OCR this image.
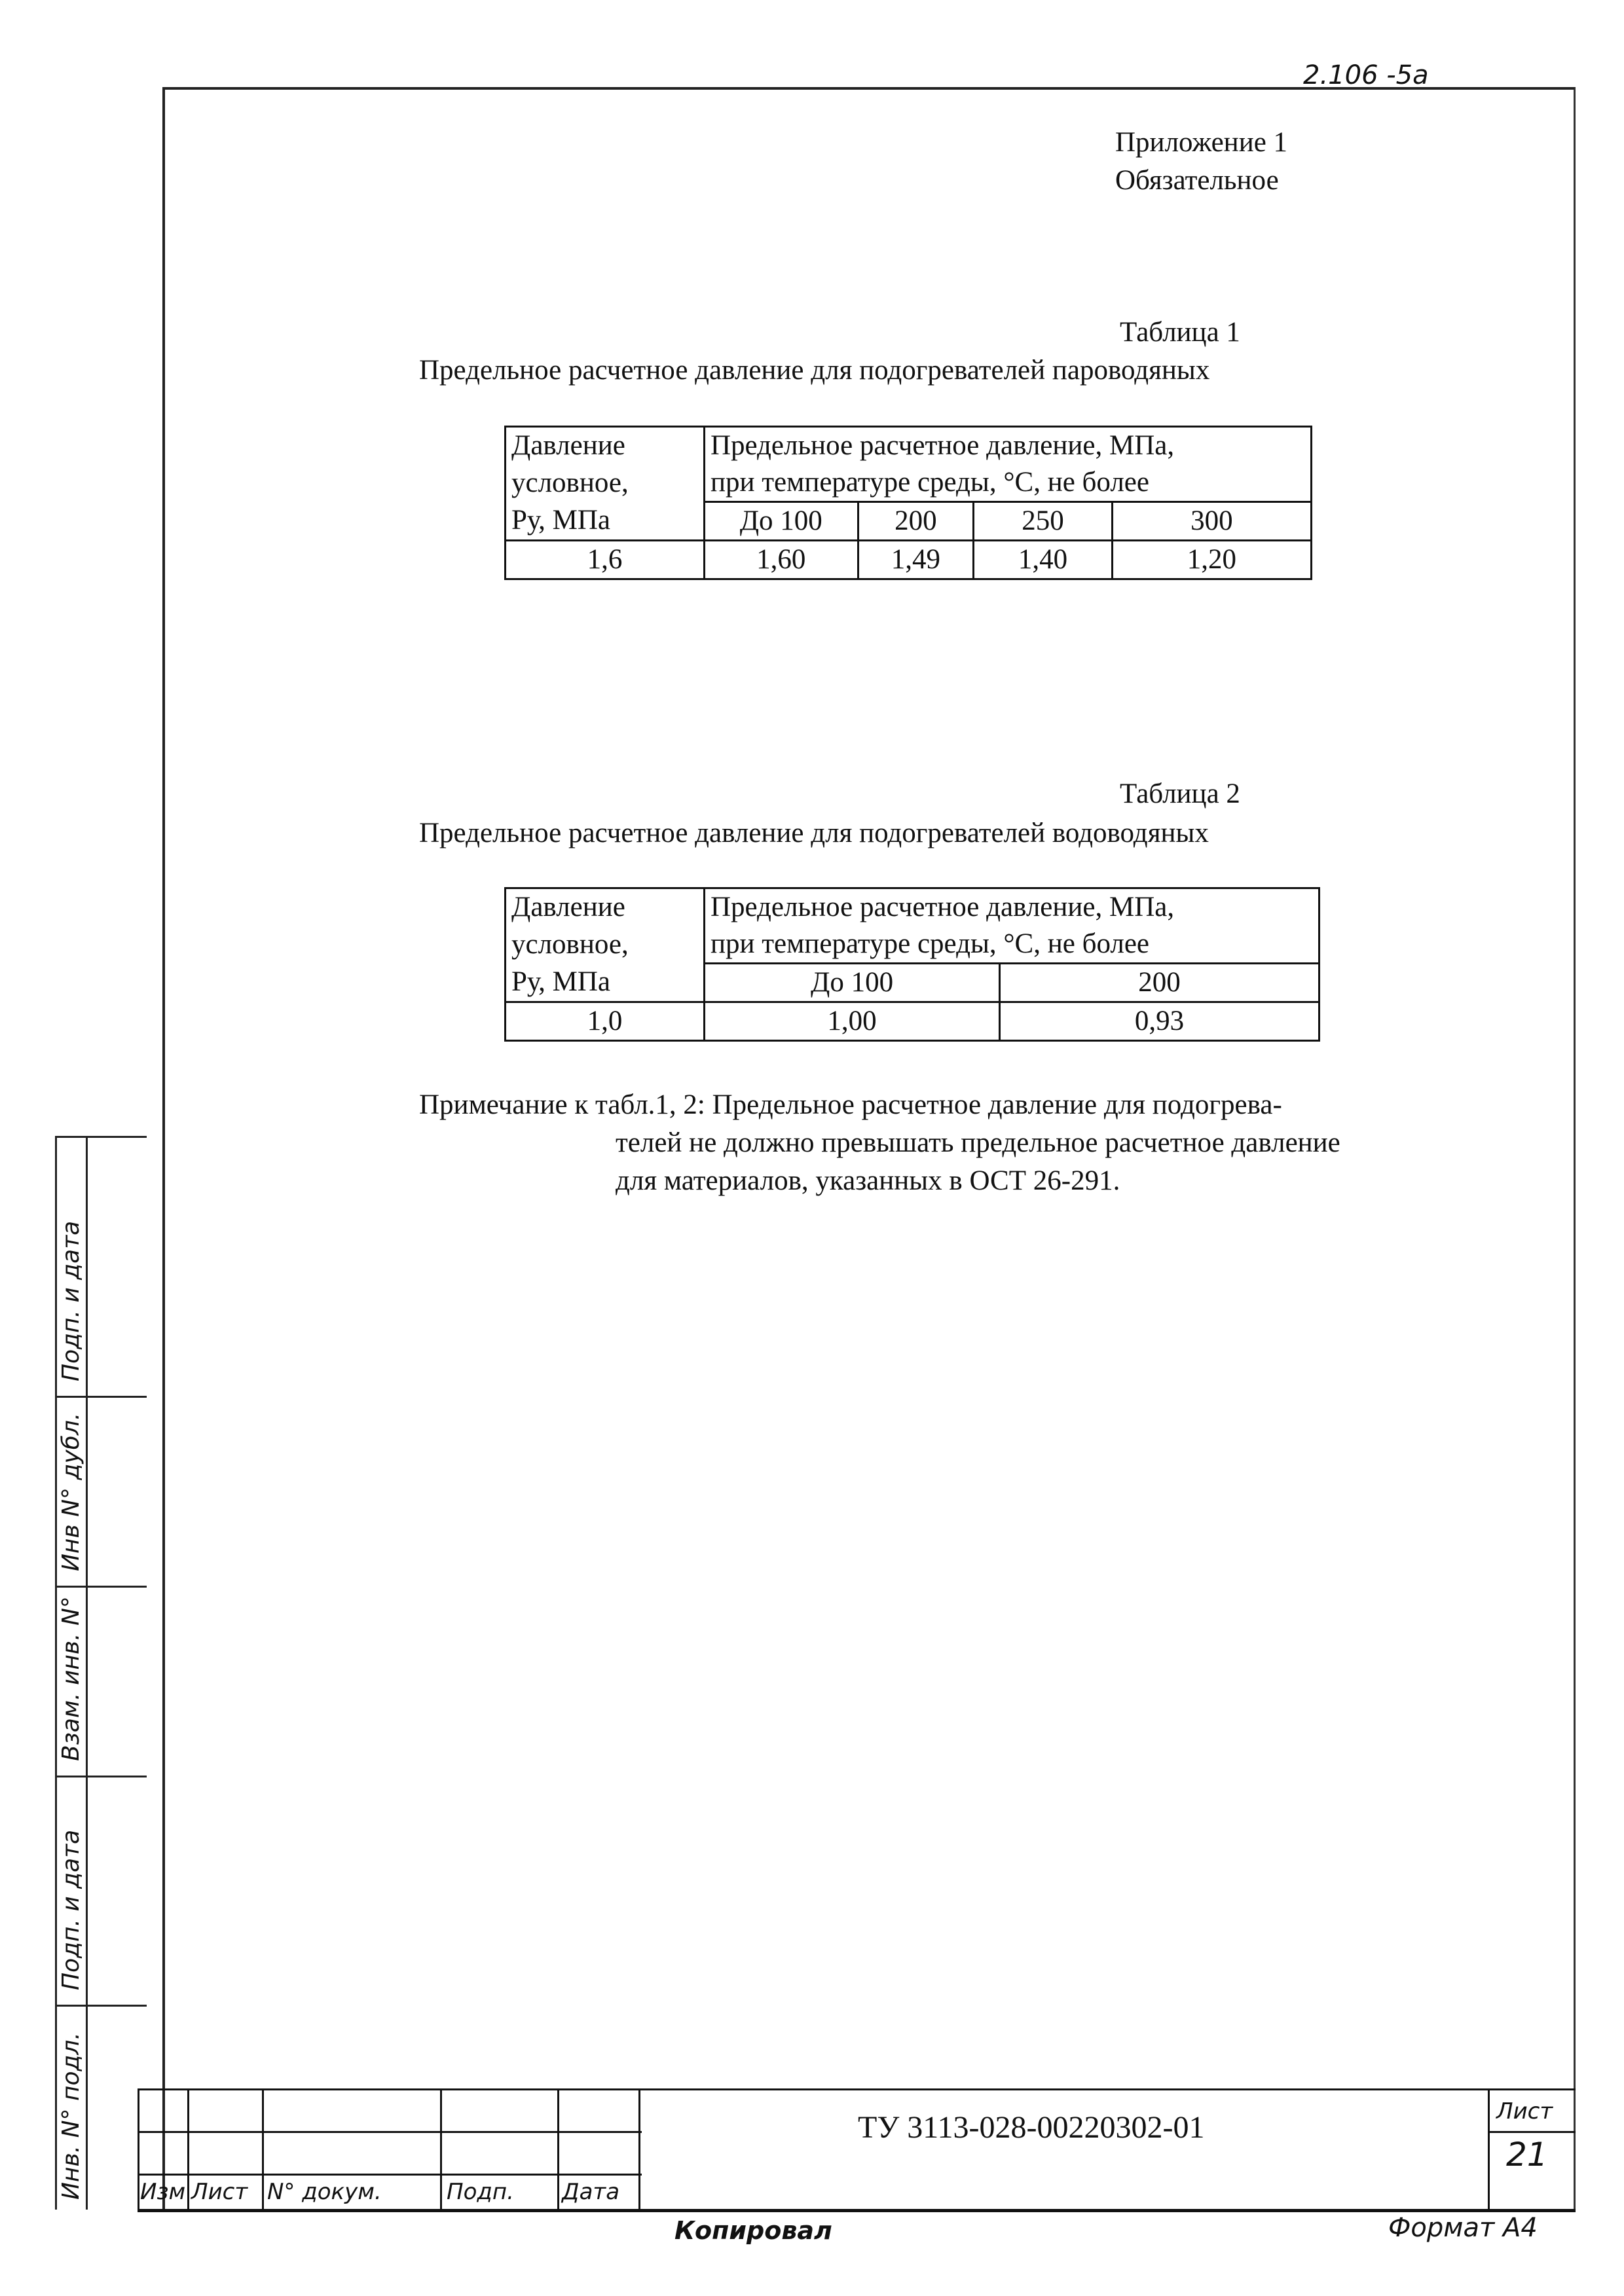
2.106 -5а
Приложение 1
Обязательное
Таблица 1
Предельное расчетное давление для подогревателей пароводяных
Давление	Предельное расчетное давление, МПа,			
условное,	при температуре среды, °С, не более			
Ру, МПа	До 100	200	250	300
1,6	1,60	1,49	1,40	1,20
Таблица 2
Предельное расчетное давление для подогревателей водоводяных
Давление	Предельное расчетное давление, МПа,	
условное,	при температуре среды, °С, не более	
Ру, МПа	До 100	200
1,0	1,00	0,93
Примечание к табл.1, 2: Предельное расчетное давление для подогрева-
телей не должно превышать предельное расчетное давление
для материалов, указанных в ОСТ 26-291.
Подп. и дата
Инв N° дубл.
Взам. инв. N°
Подп. и дата
Инв. N° подл.	Изм Лист N° докум.	Подп. Дата
ТУ 3113-028-00220302-01	Лист
21
Копировал	Формат А4
